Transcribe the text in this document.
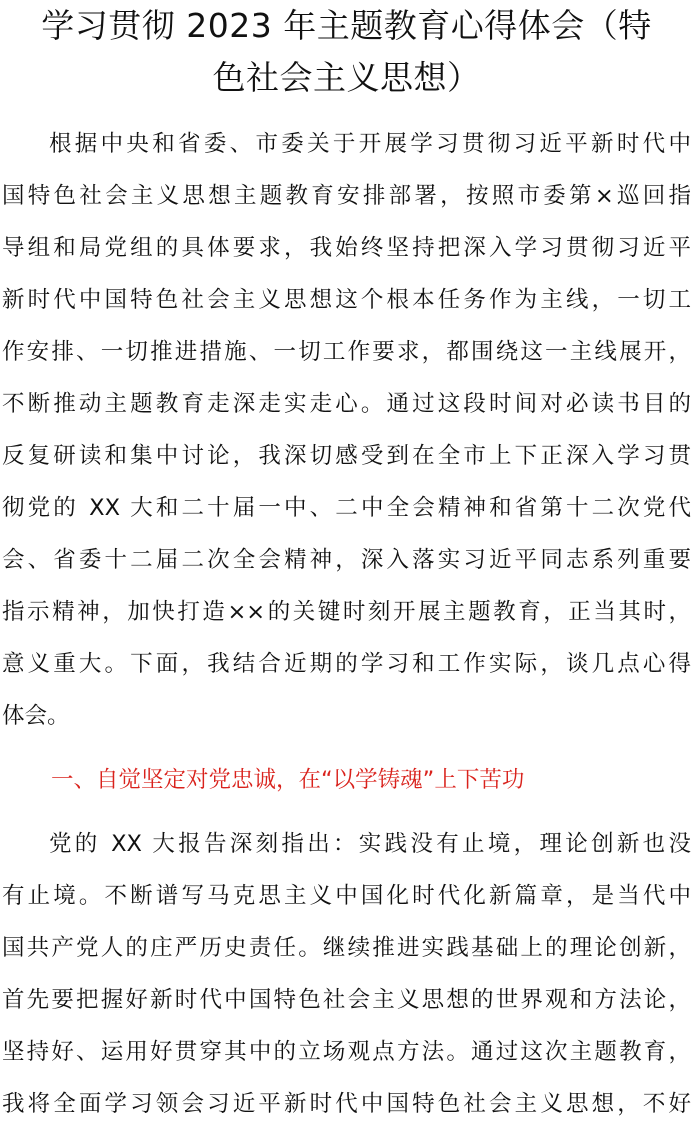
学习贯彻 2023 年主题教育心得体会（特
色社会主义思想）
根据中央和省委、市委关于开展学习贯彻习近平新时代中
国特色社会主义思想主题教育安排部署，按照市委第×巡回指
导组和局党组的具体要求，我始终坚持把深入学习贯彻习近平
新时代中国特色社会主义思想这个根本任务作为主线，一切工
作安排、一切推进措施、一切工作要求，都围绕这一主线展开，
不断推动主题教育走深走实走心。通过这段时间对必读书目的
反复研读和集中讨论，我深切感受到在全市上下正深入学习贯
彻党的 XX 大和二十届一中、二中全会精神和省第十二次党代
会、省委十二届二次全会精神，深入落实习近平同志系列重要
指示精神，加快打造××的关键时刻开展主题教育，正当其时，
意义重大。下面，我结合近期的学习和工作实际，谈几点心得
体会。
一、自觉坚定对党忠诚，在“以学铸魂”上下苦功
党的 XX 大报告深刻指出：实践没有止境，理论创新也没
有止境。不断谱写马克思主义中国化时代化新篇章，是当代中
国共产党人的庄严历史责任。继续推进实践基础上的理论创新，
首先要把握好新时代中国特色社会主义思想的世界观和方法论，
坚持好、运用好贯穿其中的立场观点方法。通过这次主题教育，
我将全面学习领会习近平新时代中国特色社会主义思想，不好
